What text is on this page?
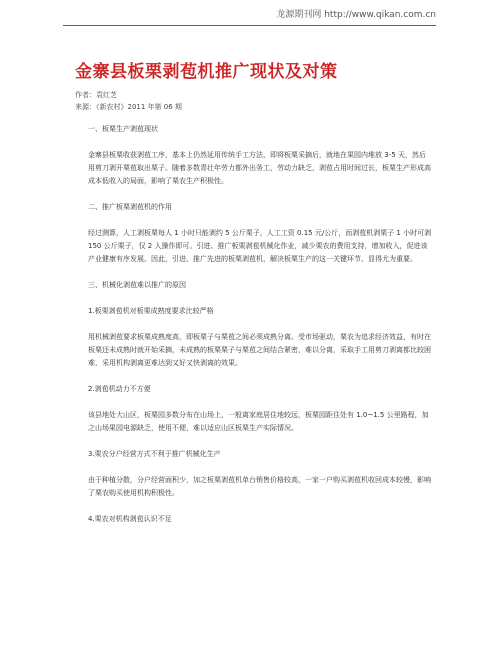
龙源期刊网 http://www.qikan.com.cn
金寨县板栗剥苞机推广现状及对策
作者：袁红芝
来源：《新农村》2011 年第 06 期
一、板栗生产剥苞现状
金寨县板栗收获剥苞工序，基本上仍然延用传统手工方法，即将板栗采摘后，就地在果园内堆放 3-5 天，然后用剪刀剥开栗苞取出栗子。随着多数青壮年劳力都外出务工，劳动力缺乏，剥苞占用时间过长，板栗生产形成高成本低收入的局面，影响了栗农生产积极性。
二、推广板栗剥苞机的作用
经过测算，人工剥板栗每人 1 小时只能剥约 5 公斤栗子，人工工资 0.15 元/公斤，而剥苞机剥栗子 1 小时可剥 150 公斤栗子，仅 2 人操作即可。引进、推广板栗剥苞机械化作业，减少栗农的费用支持，增加收入，促进该产业健康有序发展。因此，引进、推广先进的板栗剥苞机，解决板栗生产的这一关键环节、显得尤为重要。
三、机械化剥苞难以推广的原因
1.板栗剥苞机对板栗成熟度要求比较严格
用机械剥苞要求板栗成熟度高，即板栗子与栗苞之间必须成熟分离。受市场驱动，栗农为追求经济效益，有时在板栗还未成熟时就开始采摘，未成熟的板栗栗子与栗苞之间结合紧密，难以分离，采取手工用剪刀剥离都比较困难，采用机构剥离更难达到又好又快剥离的效果。
2.剥苞机动力不方便
该县地处大山区，板栗园多数分布在山场上，一般离家庭居住地较远，板栗园距住处有 1.0~1.5 公里路程，加之山场果园电源缺乏，使用不便，难以适应山区板栗生产实际情况。
3.栗农分户经营方式不利于推广机械化生产
由于种植分散，分户经营面积少，加之板栗剥苞机单台销售价格较高，一家一户购买剥苞机收回成本较慢，影响了栗农购买使用机构积极性。
4.栗农对机构剥苞认识不足
